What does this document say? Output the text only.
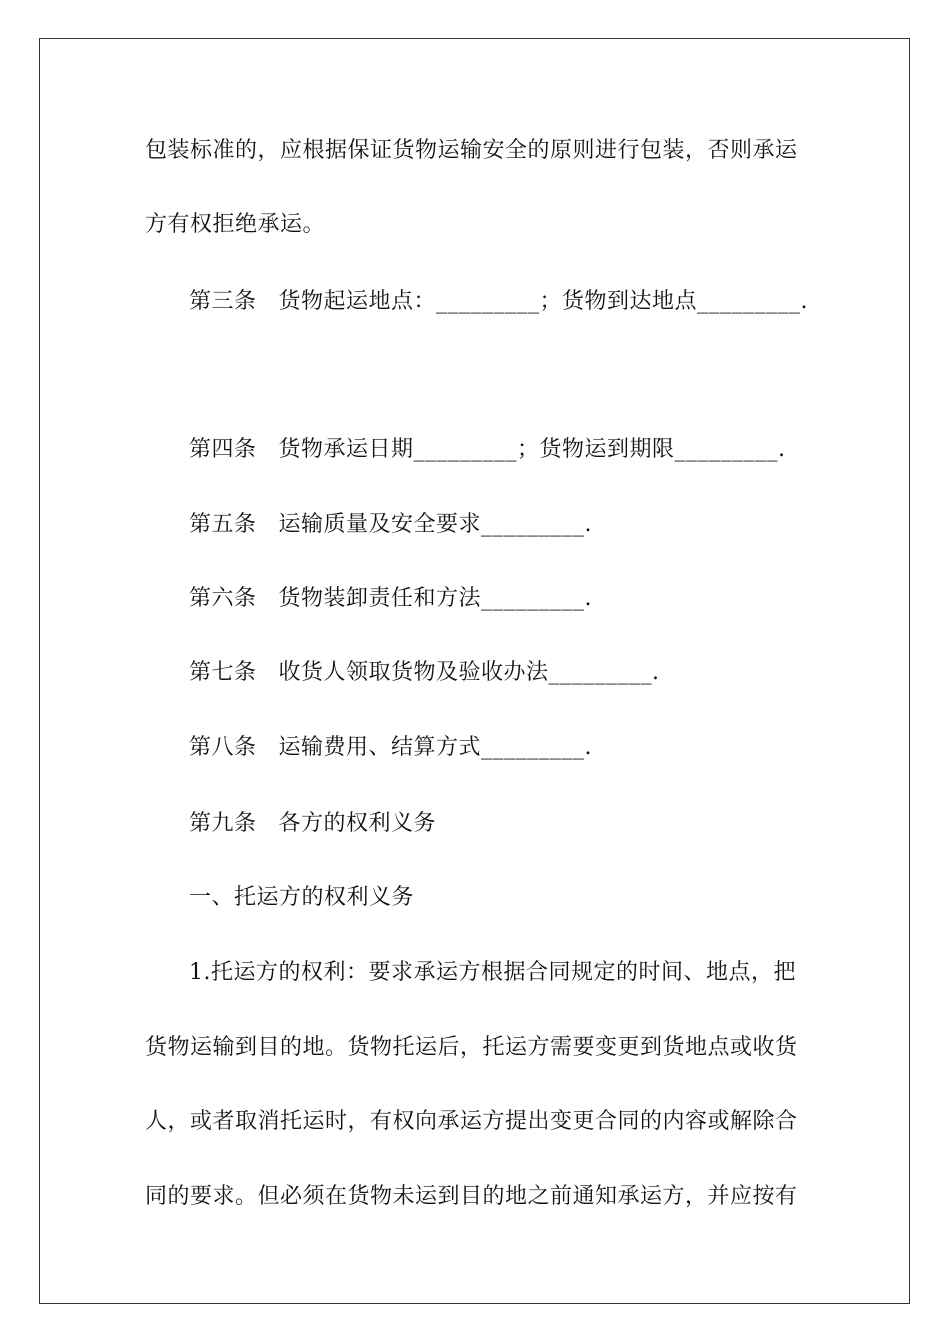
包装标准的，应根据保证货物运输安全的原则进行包装，否则承运
方有权拒绝承运。
第三条 货物起运地点：_________；货物到达地点_________.
第四条 货物承运日期_________；货物运到期限_________.
第五条 运输质量及安全要求_________.
第六条 货物装卸责任和方法_________.
第七条 收货人领取货物及验收办法_________.
第八条 运输费用、结算方式_________.
第九条 各方的权利义务
一、托运方的权利义务
1.托运方的权利：要求承运方根据合同规定的时间、地点，把
货物运输到目的地。货物托运后，托运方需要变更到货地点或收货
人，或者取消托运时，有权向承运方提出变更合同的内容或解除合
同的要求。但必须在货物未运到目的地之前通知承运方，并应按有
